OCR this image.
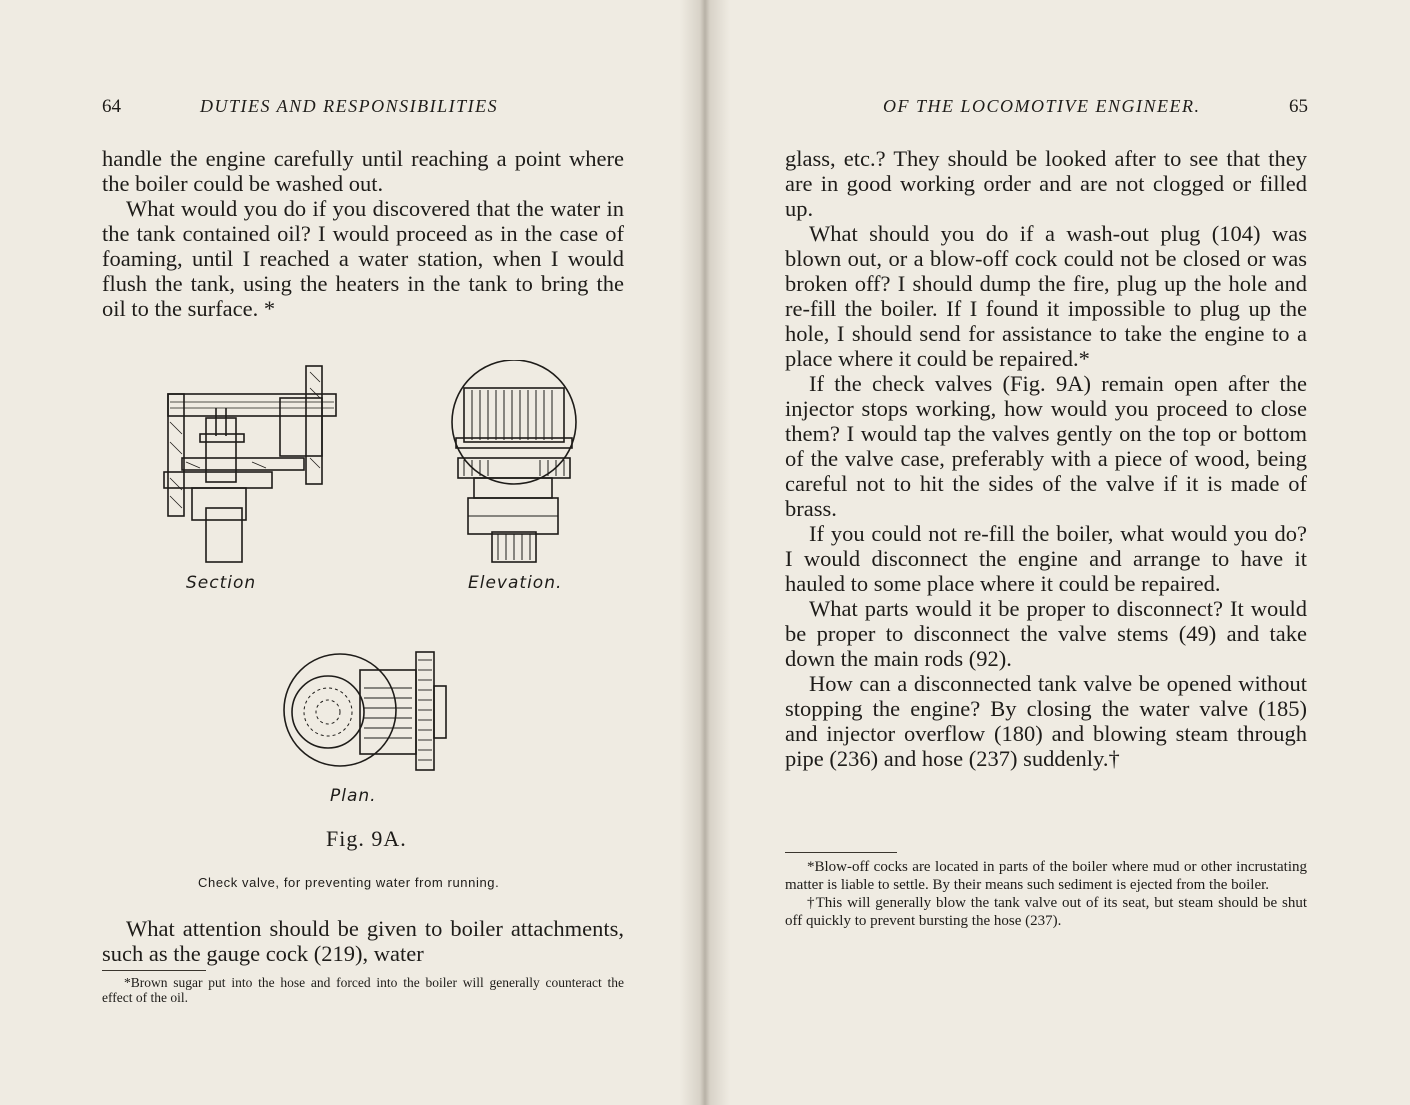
64	DUTIES AND RESPONSIBILITIES

handle the engine carefully until reaching a point where the boiler could be washed out.

What would you do if you discovered that the water in the tank contained oil? I would proceed as in the case of foaming, until I reached a water station, when I would flush the tank, using the heaters in the tank to bring the oil to the surface. *

Section	Elevation.
Plan.
Fig. 9A.
Check valve, for preventing water from running.

What attention should be given to boiler attachments, such as the gauge cock (219), water

*Brown sugar put into the hose and forced into the boiler will generally counteract the effect of the oil.

OF THE LOCOMOTIVE ENGINEER.	65

glass, etc.? They should be looked after to see that they are in good working order and are not clogged or filled up.

What should you do if a wash-out plug (104) was blown out, or a blow-off cock could not be closed or was broken off? I should dump the fire, plug up the hole and re-fill the boiler. If I found it impossible to plug up the hole, I should send for assistance to take the engine to a place where it could be repaired.*

If the check valves (Fig. 9A) remain open after the injector stops working, how would you proceed to close them? I would tap the valves gently on the top or bottom of the valve case, preferably with a piece of wood, being careful not to hit the sides of the valve if it is made of brass.

If you could not re-fill the boiler, what would you do? I would disconnect the engine and arrange to have it hauled to some place where it could be repaired.

What parts would it be proper to disconnect? It would be proper to disconnect the valve stems (49) and take down the main rods (92).

How can a disconnected tank valve be opened without stopping the engine? By closing the water valve (185) and injector overflow (180) and blowing steam through pipe (236) and hose (237) suddenly.†

*Blow-off cocks are located in parts of the boiler where mud or other incrustating matter is liable to settle. By their means such sediment is ejected from the boiler.

†This will generally blow the tank valve out of its seat, but steam should be shut off quickly to prevent bursting the hose (237).
